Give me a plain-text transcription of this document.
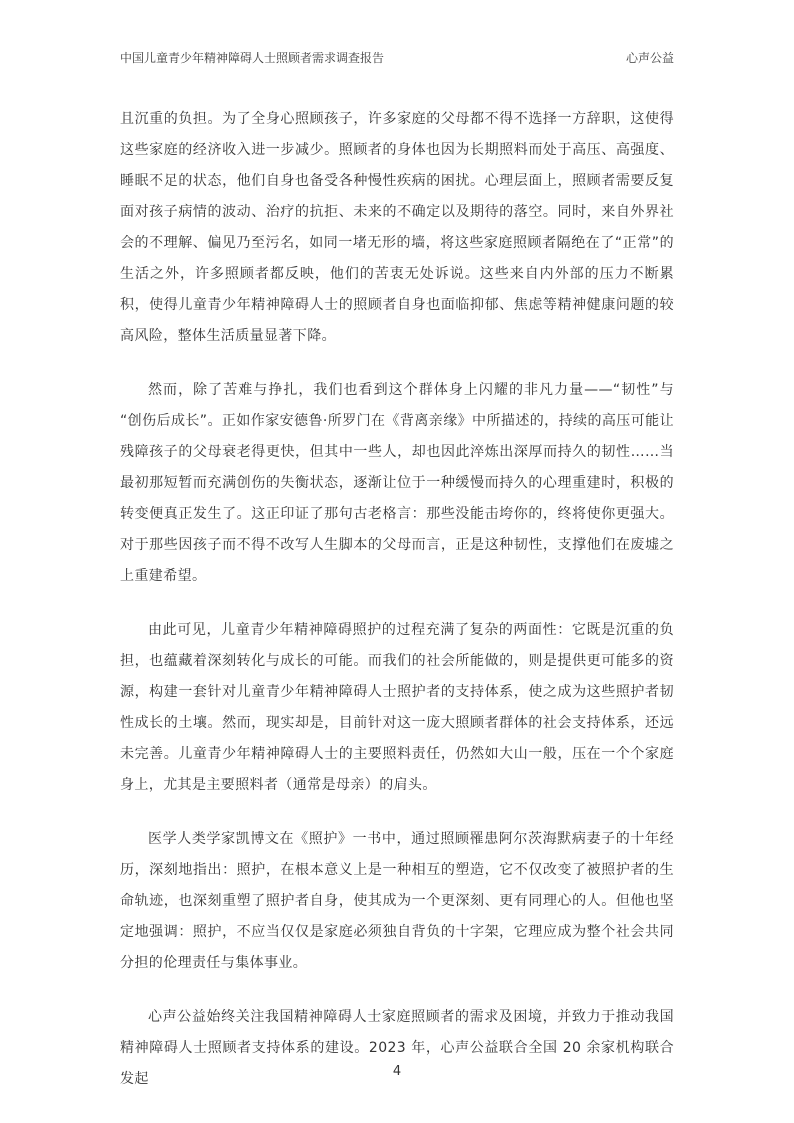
中国儿童青少年精神障碍人士照顾者需求调查报告	心声公益

且沉重的负担。为了全身心照顾孩子，许多家庭的父母都不得不选择一方辞职，这使得这些家庭的经济收入进一步减少。照顾者的身体也因为长期照料而处于高压、高强度、睡眠不足的状态，他们自身也备受各种慢性疾病的困扰。心理层面上，照顾者需要反复面对孩子病情的波动、治疗的抗拒、未来的不确定以及期待的落空。同时，来自外界社会的不理解、偏见乃至污名，如同一堵无形的墙，将这些家庭照顾者隔绝在了“正常”的生活之外，许多照顾者都反映，他们的苦衷无处诉说。这些来自内外部的压力不断累积，使得儿童青少年精神障碍人士的照顾者自身也面临抑郁、焦虑等精神健康问题的较高风险，整体生活质量显著下降。

然而，除了苦难与挣扎，我们也看到这个群体身上闪耀的非凡力量——“韧性”与“创伤后成长”。正如作家安德鲁·所罗门在《背离亲缘》中所描述的，持续的高压可能让残障孩子的父母衰老得更快，但其中一些人，却也因此淬炼出深厚而持久的韧性……当最初那短暂而充满创伤的失衡状态，逐渐让位于一种缓慢而持久的心理重建时，积极的转变便真正发生了。这正印证了那句古老格言：那些没能击垮你的，终将使你更强大。对于那些因孩子而不得不改写人生脚本的父母而言，正是这种韧性，支撑他们在废墟之上重建希望。

由此可见，儿童青少年精神障碍照护的过程充满了复杂的两面性：它既是沉重的负担，也蕴藏着深刻转化与成长的可能。而我们的社会所能做的，则是提供更可能多的资源，构建一套针对儿童青少年精神障碍人士照护者的支持体系，使之成为这些照护者韧性成长的土壤。然而，现实却是，目前针对这一庞大照顾者群体的社会支持体系，还远未完善。儿童青少年精神障碍人士的主要照料责任，仍然如大山一般，压在一个个家庭身上，尤其是主要照料者（通常是母亲）的肩头。

医学人类学家凯博文在《照护》一书中，通过照顾罹患阿尔茨海默病妻子的十年经历，深刻地指出：照护，在根本意义上是一种相互的塑造，它不仅改变了被照护者的生命轨迹，也深刻重塑了照护者自身，使其成为一个更深刻、更有同理心的人。但他也坚定地强调：照护，不应当仅仅是家庭必须独自背负的十字架，它理应成为整个社会共同分担的伦理责任与集体事业。

心声公益始终关注我国精神障碍人士家庭照顾者的需求及困境，并致力于推动我国精神障碍人士照顾者支持体系的建设。2023 年，心声公益联合全国 20 余家机构联合发起	4
